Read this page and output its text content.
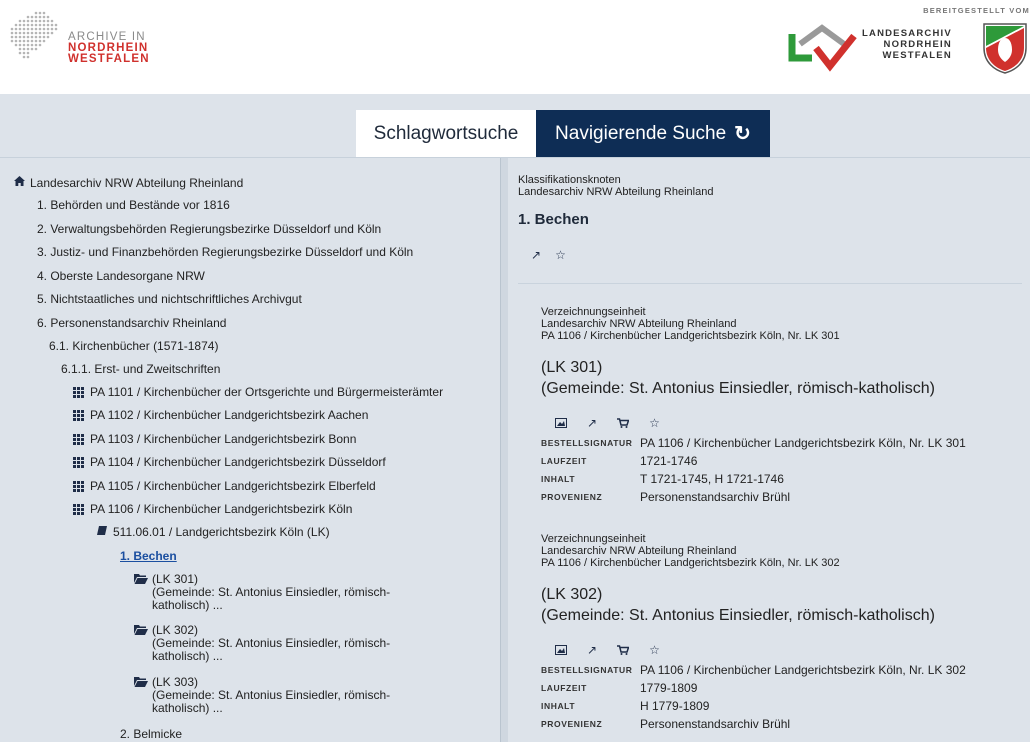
ARCHIVE IN
NORDRHEIN
WESTFALEN
BEREITGESTELLT VOM
LANDESARCHIV
NORDRHEIN
WESTFALEN
Schlagwortsuche Navigierende Suche ↻
Landesarchiv NRW Abteilung Rheinland
1. Behörden und Bestände vor 1816
2. Verwaltungsbehörden Regierungsbezirke Düsseldorf und Köln
3. Justiz- und Finanzbehörden Regierungsbezirke Düsseldorf und Köln
4. Oberste Landesorgane NRW
5. Nichtstaatliches und nichtschriftliches Archivgut
6. Personenstandsarchiv Rheinland
6.1. Kirchenbücher (1571-1874)
6.1.1. Erst- und Zweitschriften
PA 1101 / Kirchenbücher der Ortsgerichte und Bürgermeisterämter
PA 1102 / Kirchenbücher Landgerichtsbezirk Aachen
PA 1103 / Kirchenbücher Landgerichtsbezirk Bonn
PA 1104 / Kirchenbücher Landgerichtsbezirk Düsseldorf
PA 1105 / Kirchenbücher Landgerichtsbezirk Elberfeld
PA 1106 / Kirchenbücher Landgerichtsbezirk Köln
511.06.01 / Landgerichtsbezirk Köln (LK)
1. Bechen
(LK 301)
(Gemeinde: St. Antonius Einsiedler, römisch-
katholisch) ...
(LK 302)
(Gemeinde: St. Antonius Einsiedler, römisch-
katholisch) ...
(LK 303)
(Gemeinde: St. Antonius Einsiedler, römisch-
katholisch) ...
2. Belmicke
Klassifikationsknoten
Landesarchiv NRW Abteilung Rheinland
1. Bechen
↗ ☆
Verzeichnungseinheit
Landesarchiv NRW Abteilung Rheinland
PA 1106 / Kirchenbücher Landgerichtsbezirk Köln, Nr. LK 301
(LK 301)
(Gemeinde: St. Antonius Einsiedler, römisch-katholisch)
↗	☆
BESTELLSIGNATUR PA 1106 / Kirchenbücher Landgerichtsbezirk Köln, Nr. LK 301
LAUFZEIT	1721-1746
INHALT	T 1721-1745, H 1721-1746
PROVENIENZ	Personenstandsarchiv Brühl
Verzeichnungseinheit
Landesarchiv NRW Abteilung Rheinland
PA 1106 / Kirchenbücher Landgerichtsbezirk Köln, Nr. LK 302
(LK 302)
(Gemeinde: St. Antonius Einsiedler, römisch-katholisch)
↗	☆
BESTELLSIGNATUR PA 1106 / Kirchenbücher Landgerichtsbezirk Köln, Nr. LK 302
LAUFZEIT	1779-1809
INHALT	H 1779-1809
PROVENIENZ	Personenstandsarchiv Brühl
